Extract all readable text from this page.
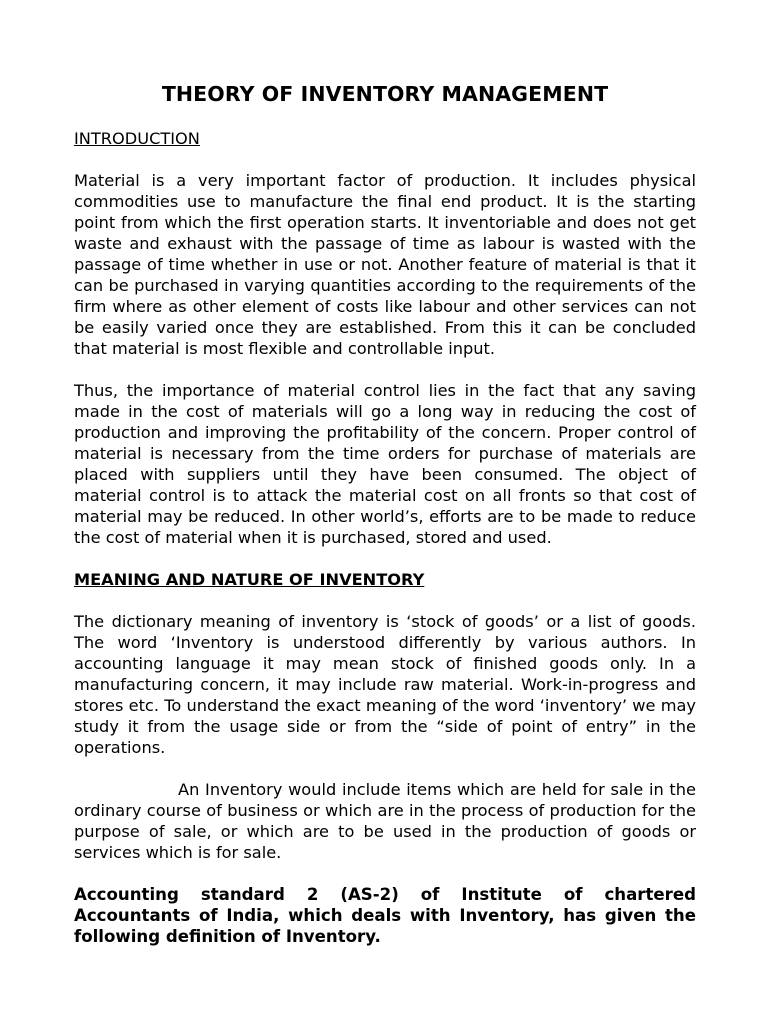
THEORY OF INVENTORY MANAGEMENT
INTRODUCTION

Material is a very important factor of production. It includes physical commodities use to manufacture the final end product. It is the starting point from which the first operation starts. It inventoriable and does not get waste and exhaust with the passage of time as labour is wasted with the passage of time whether in use or not. Another feature of material is that it can be purchased in varying quantities according to the requirements of the firm where as other element of costs like labour and other services can not be easily varied once they are established. From this it can be concluded that material is most flexible and controllable input.

Thus, the importance of material control lies in the fact that any saving made in the cost of materials will go a long way in reducing the cost of production and improving the profitability of the concern. Proper control of material is necessary from the time orders for purchase of materials are placed with suppliers until they have been consumed. The object of material control is to attack the material cost on all fronts so that cost of material may be reduced. In other world’s, efforts are to be made to reduce the cost of material when it is purchased, stored and used.

MEANING AND NATURE OF INVENTORY

The dictionary meaning of inventory is ‘stock of goods’ or a list of goods. The word ‘Inventory is understood differently by various authors. In accounting language it may mean stock of finished goods only. In a manufacturing concern, it may include raw material. Work-in-progress and stores etc. To understand the exact meaning of the word ‘inventory’ we may study it from the usage side or from the “side of point of entry” in the operations.

An Inventory would include items which are held for sale in the ordinary course of business or which are in the process of production for the purpose of sale, or which are to be used in the production of goods or services which is for sale.

Accounting standard 2 (AS-2) of Institute of chartered Accountants of India, which deals with Inventory, has given the following definition of Inventory.
